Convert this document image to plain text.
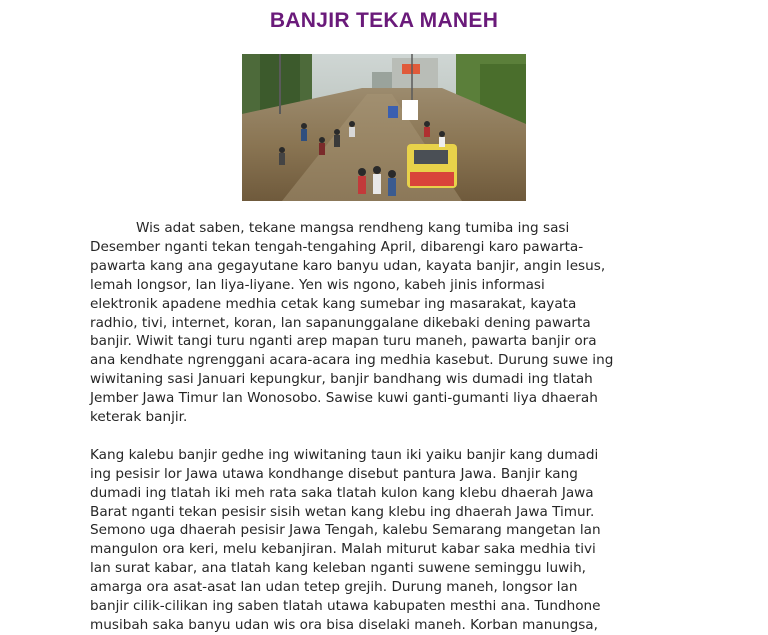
BANJIR TEKA MANEH

Wis adat saben, tekane mangsa rendheng kang tumiba ing sasi

Desember nganti tekan tengah-tengahing April, dibarengi karo pawarta-

pawarta kang ana gegayutane karo banyu udan, kayata banjir, angin lesus,

lemah longsor, lan liya-liyane. Yen wis ngono, kabeh jinis informasi

elektronik apadene medhia cetak kang sumebar ing masarakat, kayata

radhio, tivi, internet, koran, lan sapanunggalane dikebaki dening pawarta

banjir. Wiwit tangi turu nganti arep mapan turu maneh, pawarta banjir ora

ana kendhate ngrenggani acara-acara ing medhia kasebut. Durung suwe ing

wiwitaning sasi Januari kepungkur, banjir bandhang wis dumadi ing tlatah

Jember Jawa Timur lan Wonosobo. Sawise kuwi ganti-gumanti liya dhaerah

keterak banjir.

Kang kalebu banjir gedhe ing wiwitaning taun iki yaiku banjir kang dumadi

ing pesisir lor Jawa utawa kondhange disebut pantura Jawa. Banjir kang

dumadi ing tlatah iki meh rata saka tlatah kulon kang klebu dhaerah Jawa

Barat nganti tekan pesisir sisih wetan kang klebu ing dhaerah Jawa Timur.

Semono uga dhaerah pesisir Jawa Tengah, kalebu Semarang mangetan lan

mangulon ora keri, melu kebanjiran. Malah miturut kabar saka medhia tivi

lan surat kabar, ana tlatah kang keleban nganti suwene seminggu luwih,

amarga ora asat-asat lan udan tetep grejih. Durung maneh, longsor lan

banjir cilik-cilikan ing saben tlatah utawa kabupaten mesthi ana. Tundhone

musibah saka banyu udan wis ora bisa diselaki maneh. Korban manungsa,
